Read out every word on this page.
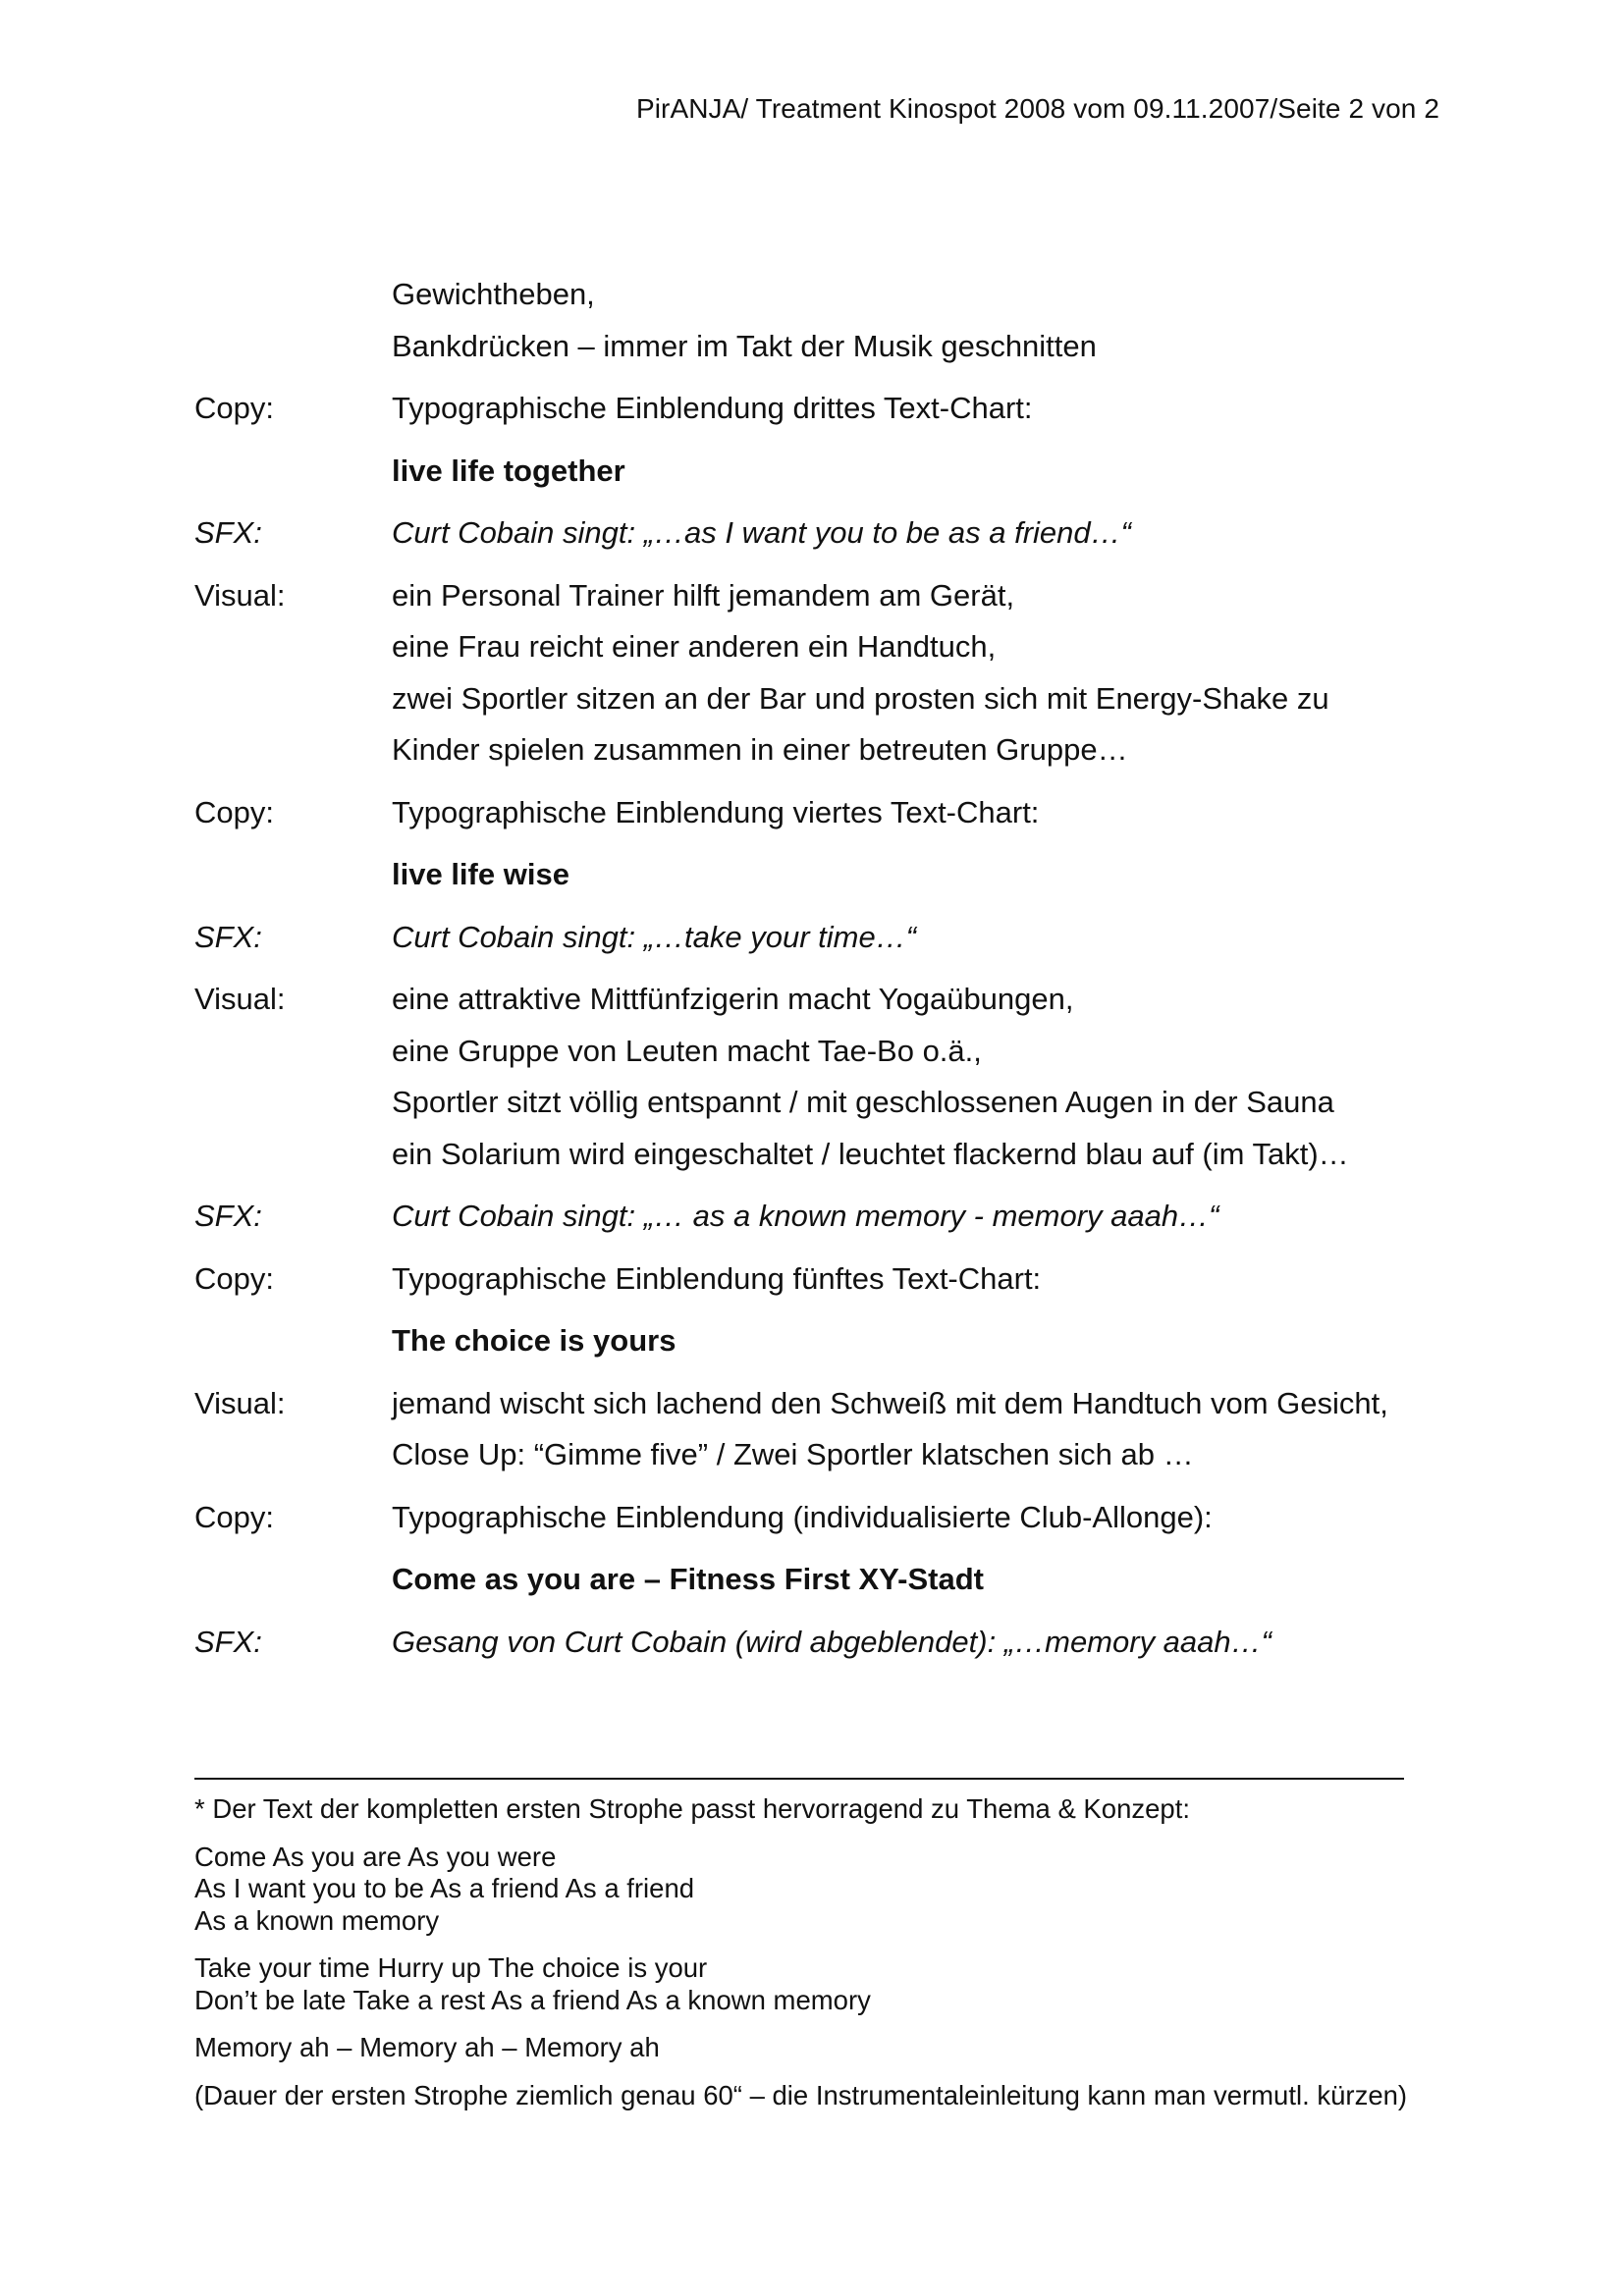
PirANJA/ Treatment Kinospot 2008 vom 09.11.2007/Seite 2 von 2
Gewichtheben,
Bankdrücken – immer im Takt der Musik geschnitten
Copy:	Typographische Einblendung drittes Text-Chart:
live life together
SFX:	Curt Cobain singt: „…as I want you to be as a friend…“
Visual:	ein Personal Trainer hilft jemandem am Gerät,
eine Frau reicht einer anderen ein Handtuch,
zwei Sportler sitzen an der Bar und prosten sich mit Energy-Shake zu
Kinder spielen zusammen in einer betreuten Gruppe…
Copy:	Typographische Einblendung viertes Text-Chart:
live life wise
SFX:	Curt Cobain singt: „…take your time…“
Visual:	eine attraktive Mittfünfzigerin macht Yogaübungen,
eine Gruppe von Leuten macht Tae-Bo o.ä.,
Sportler sitzt völlig entspannt / mit geschlossenen Augen in der Sauna
ein Solarium wird eingeschaltet / leuchtet flackernd blau auf (im Takt)…
SFX:	Curt Cobain singt: „… as a known memory - memory aaah…“
Copy:	Typographische Einblendung fünftes Text-Chart:
The choice is yours
Visual:	jemand wischt sich lachend den Schweiß mit dem Handtuch vom Gesicht,
Close Up: “Gimme five” / Zwei Sportler klatschen sich ab …
Copy:	Typographische Einblendung (individualisierte Club-Allonge):
Come as you are – Fitness First XY-Stadt
SFX:	Gesang von Curt Cobain (wird abgeblendet): „…memory aaah…“
* Der Text der kompletten ersten Strophe passt hervorragend zu Thema & Konzept:
Come As you are As you were
As I want you to be As a friend As a friend
As a known memory
Take your time Hurry up The choice is your
Don’t be late Take a rest As a friend As a known memory
Memory ah – Memory ah – Memory ah
(Dauer der ersten Strophe ziemlich genau 60“ – die Instrumentaleinleitung kann man vermutl. kürzen)
